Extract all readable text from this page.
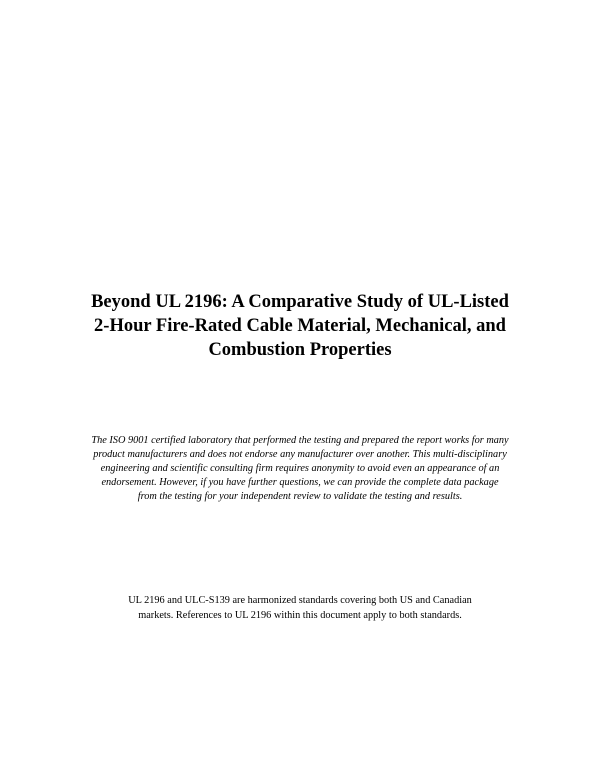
Beyond UL 2196: A Comparative Study of UL-Listed
2-Hour Fire-Rated Cable Material, Mechanical, and
Combustion Properties

The ISO 9001 certified laboratory that performed the testing and prepared the report works for many
product manufacturers and does not endorse any manufacturer over another. This multi-disciplinary
engineering and scientific consulting firm requires anonymity to avoid even an appearance of an
endorsement. However, if you have further questions, we can provide the complete data package
from the testing for your independent review to validate the testing and results.

UL 2196 and ULC-S139 are harmonized standards covering both US and Canadian
markets. References to UL 2196 within this document apply to both standards.
